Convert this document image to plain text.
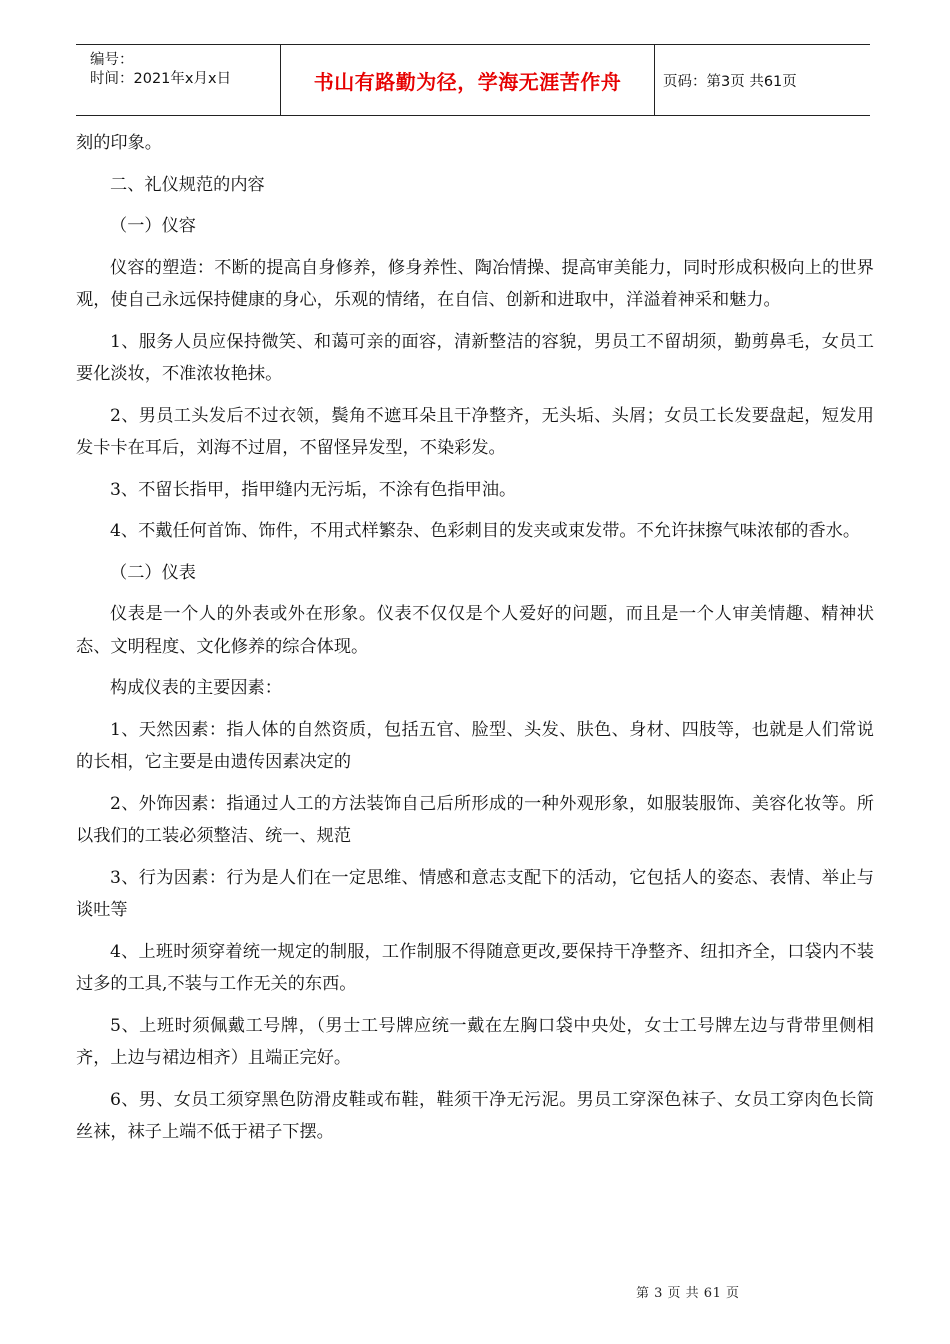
编号：
时间：2021年x月x日	书山有路勤为径，学海无涯苦作舟	页码：第3页 共61页

刻的印象。

二、礼仪规范的内容

（一）仪容

仪容的塑造：不断的提高自身修养，修身养性、陶冶情操、提高审美能力，同时形成积极向上的世界观，使自己永远保持健康的身心，乐观的情绪，在自信、创新和进取中，洋溢着神采和魅力。

1、服务人员应保持微笑、和蔼可亲的面容，清新整洁的容貌，男员工不留胡须，勤剪鼻毛，女员工要化淡妆，不准浓妆艳抹。

2、男员工头发后不过衣领，鬓角不遮耳朵且干净整齐，无头垢、头屑；女员工长发要盘起，短发用发卡卡在耳后，刘海不过眉，不留怪异发型，不染彩发。

3、不留长指甲，指甲缝内无污垢，不涂有色指甲油。

4、不戴任何首饰、饰件，不用式样繁杂、色彩刺目的发夹或束发带。不允许抹擦气味浓郁的香水。

（二）仪表

仪表是一个人的外表或外在形象。仪表不仅仅是个人爱好的问题，而且是一个人审美情趣、精神状态、文明程度、文化修养的综合体现。

构成仪表的主要因素：

1、天然因素：指人体的自然资质，包括五官、脸型、头发、肤色、身材、四肢等，也就是人们常说的长相，它主要是由遗传因素决定的

2、外饰因素：指通过人工的方法装饰自己后所形成的一种外观形象，如服装服饰、美容化妆等。所以我们的工装必须整洁、统一、规范

3、行为因素：行为是人们在一定思维、情感和意志支配下的活动，它包括人的姿态、表情、举止与谈吐等

4、上班时须穿着统一规定的制服，工作制服不得随意更改,要保持干净整齐、纽扣齐全，口袋内不装过多的工具,不装与工作无关的东西。

5、上班时须佩戴工号牌，（男士工号牌应统一戴在左胸口袋中央处，女士工号牌左边与背带里侧相齐，上边与裙边相齐）且端正完好。

6、男、女员工须穿黑色防滑皮鞋或布鞋，鞋须干净无污泥。男员工穿深色袜子、女员工穿肉色长筒丝袜，袜子上端不低于裙子下摆。

第 3 页 共 61 页
